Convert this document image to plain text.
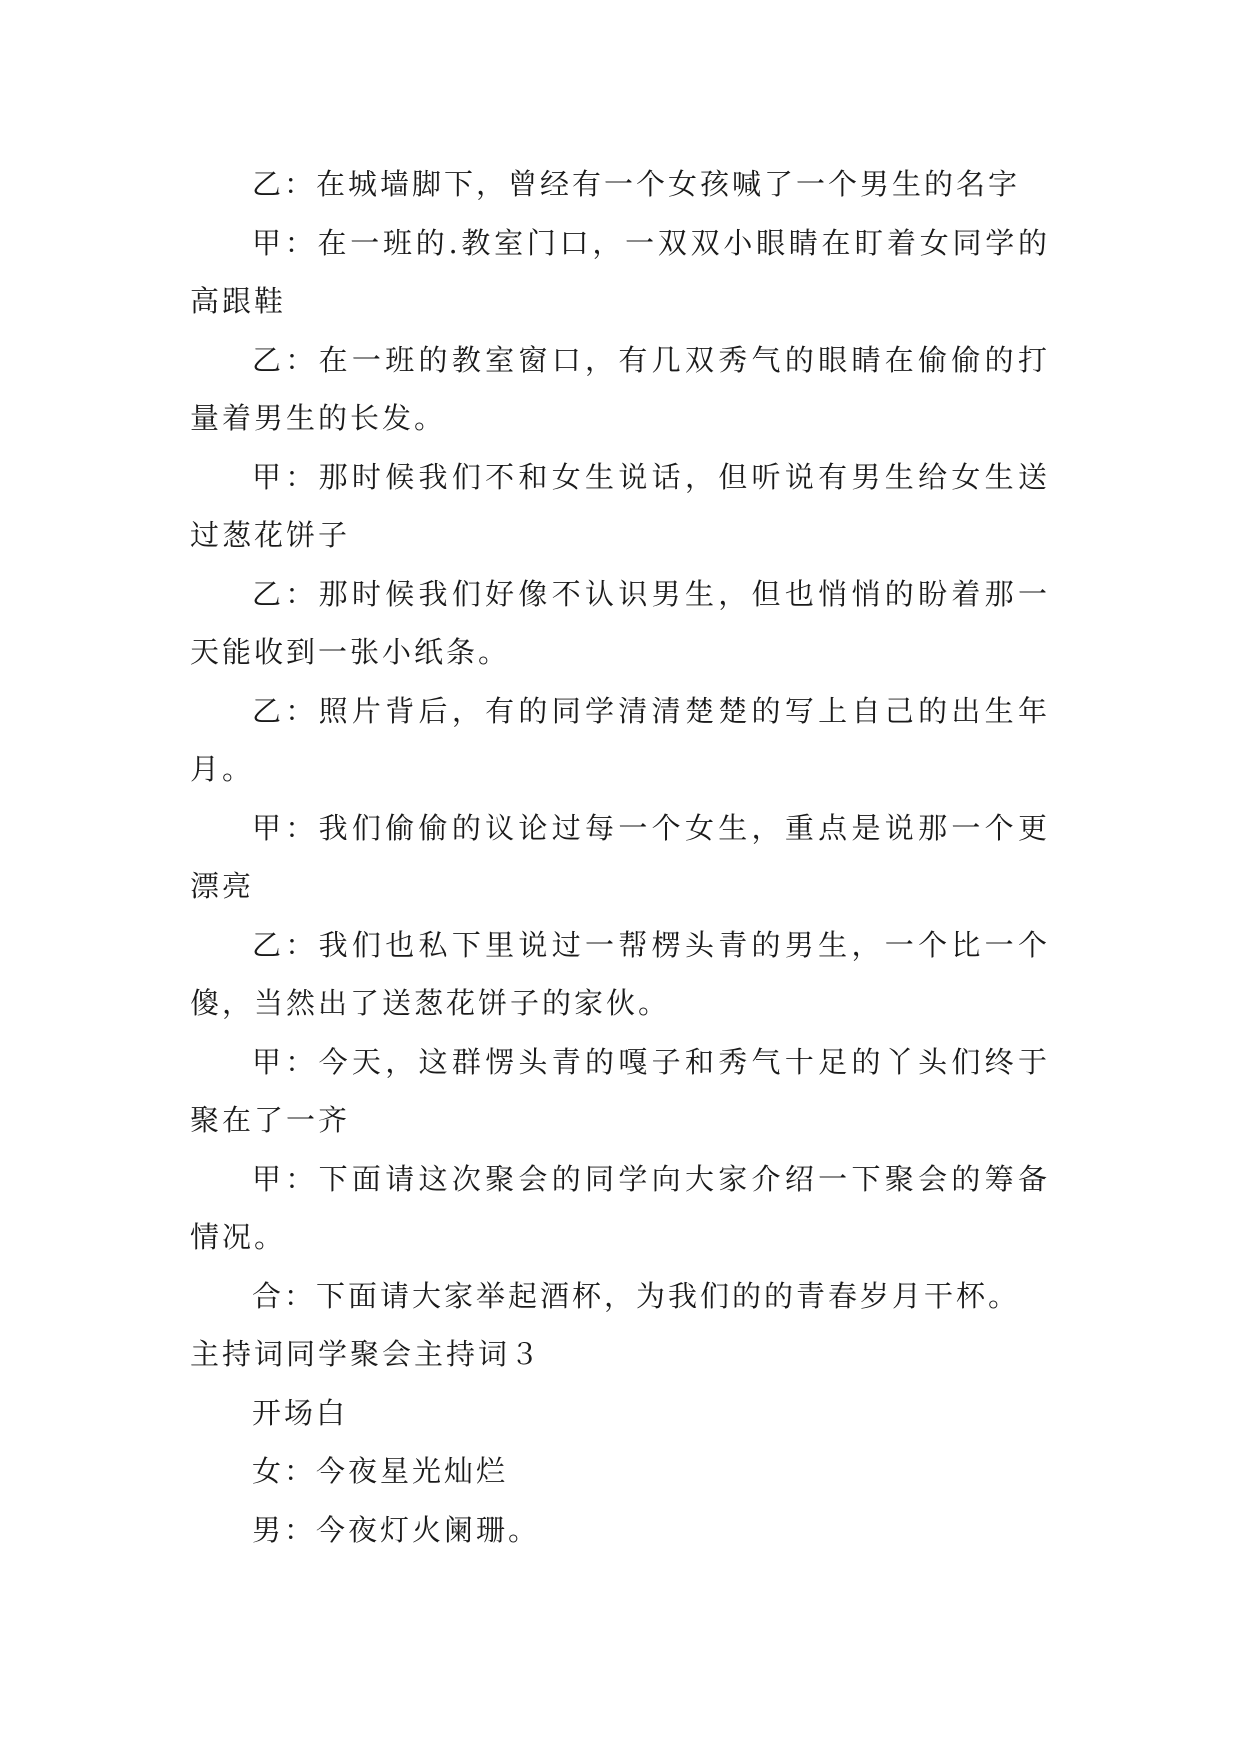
乙：在城墙脚下，曾经有一个女孩喊了一个男生的名字

甲：在一班的.教室门口，一双双小眼睛在盯着女同学的高跟鞋

乙：在一班的教室窗口，有几双秀气的眼睛在偷偷的打量着男生的长发。

甲：那时候我们不和女生说话，但听说有男生给女生送过葱花饼子

乙：那时候我们好像不认识男生，但也悄悄的盼着那一天能收到一张小纸条。

乙：照片背后，有的同学清清楚楚的写上自己的出生年月。

甲：我们偷偷的议论过每一个女生，重点是说那一个更漂亮

乙：我们也私下里说过一帮楞头青的男生，一个比一个傻，当然出了送葱花饼子的家伙。

甲：今天，这群愣头青的嘎子和秀气十足的丫头们终于聚在了一齐

甲：下面请这次聚会的同学向大家介绍一下聚会的筹备情况。

合：下面请大家举起酒杯，为我们的的青春岁月干杯。

主持词同学聚会主持词３

开场白

女：今夜星光灿烂

男：今夜灯火阑珊。
